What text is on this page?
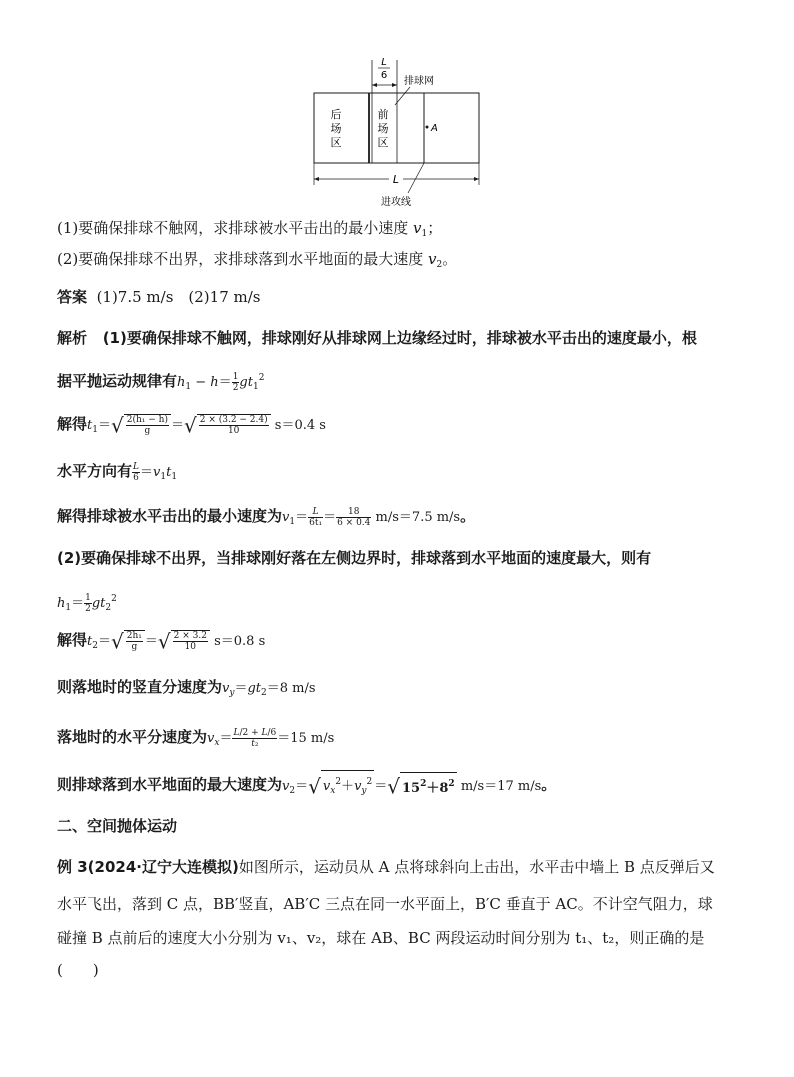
L
6
排球网
后
场
区
前
场
区
A
L
进攻线
(1)要确保排球不触网，求排球被水平击出的最小速度 $v_1$；
(2)要确保排球不出界，求排球落到水平地面的最大速度 $v_2$。
答案 (1)7.5 m/s　(2)17 m/s
解析 (1)要确保排球不触网，排球刚好从排球网上边缘经过时，排球被水平击出的速度最小，根
据平抛运动规律有$h_1 - h= \frac{1}{2} gt_1^2$
解得$t_1=√ \frac{\text{2(h₁ − h)}}{g}$ ＝√ $\frac{2 \times (3.2 - 2.4)}{10} s=0.4$ s
水平方向有 $\frac{L}{6} =v_1t_1$
解得排球被水平击出的最小速度为$v_1= \frac{L}{\text{6t₁}} = \frac{18}{6 \times 0.4} m/s=7.5$ m/s。
(2)要确保排球不出界，当排球刚好落在左侧边界时，排球落到水平地面的速度最大，则有
$h_1= \frac{1}{2} gt_2^2$
解得$t_2=√ \frac{\text{2h₁}}{g}$ ＝√ $\frac{2 \times 3.2}{10} s=0.8$ s
则落地时的竖直分速度为$v_y=gt_2=8$ m/s
落地时的水平分速度为$v_x= \frac{L/2 + L/6}{\text{t₂}} =15$ m/s
则排球落到水平地面的最大速度为$v_2=√$ $v_x^2+v_y^2$ ＝√ $15^2+8^2$ m/s＝17 m/s。
二、空间抛体运动
例 3(2024·辽宁大连模拟)如图所示，运动员从 A 点将球斜向上击出，水平击中墙上 B 点反弹后又
水平飞出，落到 C 点，BB′竖直，AB′C 三点在同一水平面上，B′C 垂直于 AC。不计空气阻力，球
碰撞 B 点前后的速度大小分别为 v₁、v₂，球在 AB、BC 两段运动时间分别为 t₁、t₂，则正确的是
(　　)
